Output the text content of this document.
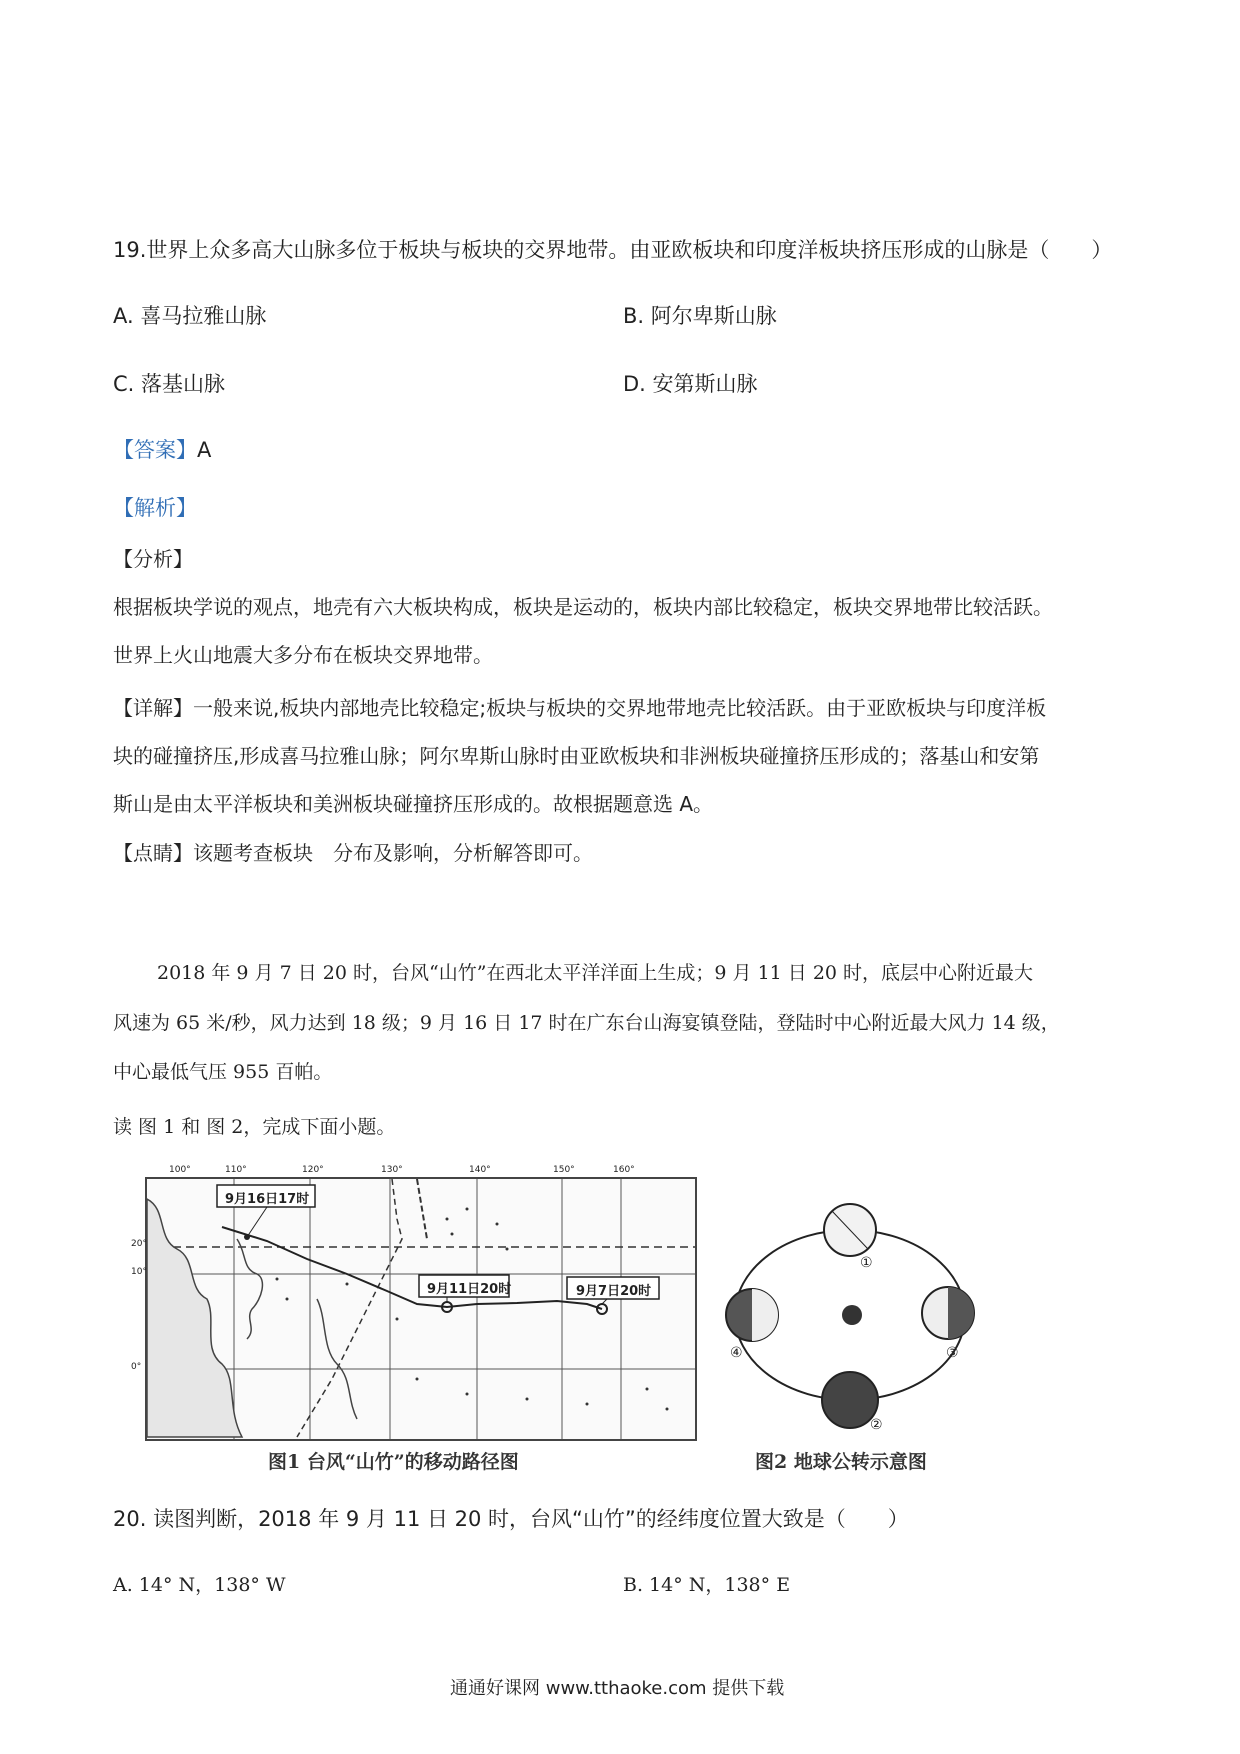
19.世界上众多高大山脉多位于板块与板块的交界地带。由亚欧板块和印度洋板块挤压形成的山脉是（　　）
A. 喜马拉雅山脉	B. 阿尔卑斯山脉
C. 落基山脉	D. 安第斯山脉
【答案】A
【解析】
【分析】
根据板块学说的观点，地壳有六大板块构成，板块是运动的，板块内部比较稳定，板块交界地带比较活跃。
世界上火山地震大多分布在板块交界地带。
【详解】一般来说,板块内部地壳比较稳定;板块与板块的交界地带地壳比较活跃。由于亚欧板块与印度洋板
块的碰撞挤压,形成喜马拉雅山脉；阿尔卑斯山脉时由亚欧板块和非洲板块碰撞挤压形成的；落基山和安第
斯山是由太平洋板块和美洲板块碰撞挤压形成的。故根据题意选 A。
【点睛】该题考查板块　分布及影响，分析解答即可。
2018 年 9 月 7 日 20 时，台风“山竹”在西北太平洋洋面上生成；9 月 11 日 20 时，底层中心附近最大
风速为 65 米/秒，风力达到 18 级；9 月 16 日 17 时在广东台山海宴镇登陆，登陆时中心附近最大风力 14 级，
中心最低气压 955 百帕。
读 图 1 和 图 2，完成下面小题。
9月16日17时
9月11日20时	9月7日20时
100°	110°	120°	130°	140°	150°	160°
20°
10°
0°
图1 台风“山竹”的移动路径图
①
②
③
④
图2 地球公转示意图
20. 读图判断，2018 年 9 月 11 日 20 时，台风“山竹”的经纬度位置大致是（　　）
A. 14° N，138° W	B. 14° N，138° E
通通好课网 www.tthaoke.com 提供下载
